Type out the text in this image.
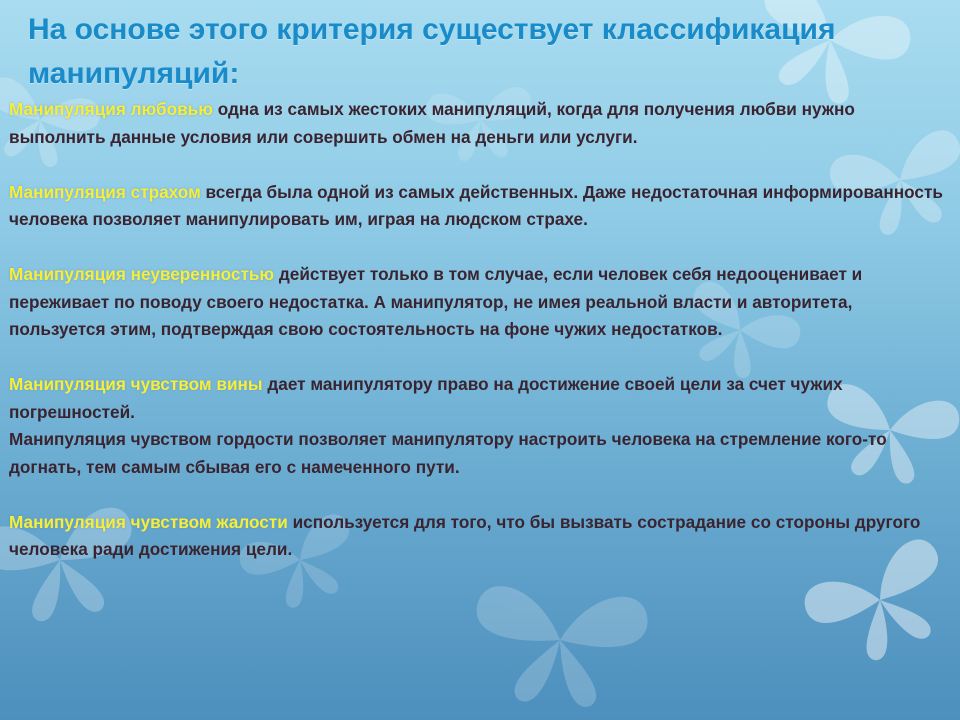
На основе этого критерия существует классификация манипуляций:

Манипуляция любовью одна из самых жестоких манипуляций, когда для получения любви нужно выполнить данные условия или совершить обмен на деньги или услуги.

Манипуляция страхом всегда была одной из самых действенных. Даже недостаточная информированность человека позволяет манипулировать им, играя на людском страхе.

Манипуляция неуверенностью действует только в том случае, если человек себя недооценивает и переживает по поводу своего недостатка. А манипулятор, не имея реальной власти и авторитета, пользуется этим, подтверждая свою состоятельность на фоне чужих недостатков.

Манипуляция чувством вины дает манипулятору право на достижение своей цели за счет чужих погрешностей.

Манипуляция чувством гордости позволяет манипулятору настроить человека на стремление кого-то догнать, тем самым сбывая его с намеченного пути.

Манипуляция чувством жалости используется для того, что бы вызвать сострадание со стороны другого человека ради достижения цели.
